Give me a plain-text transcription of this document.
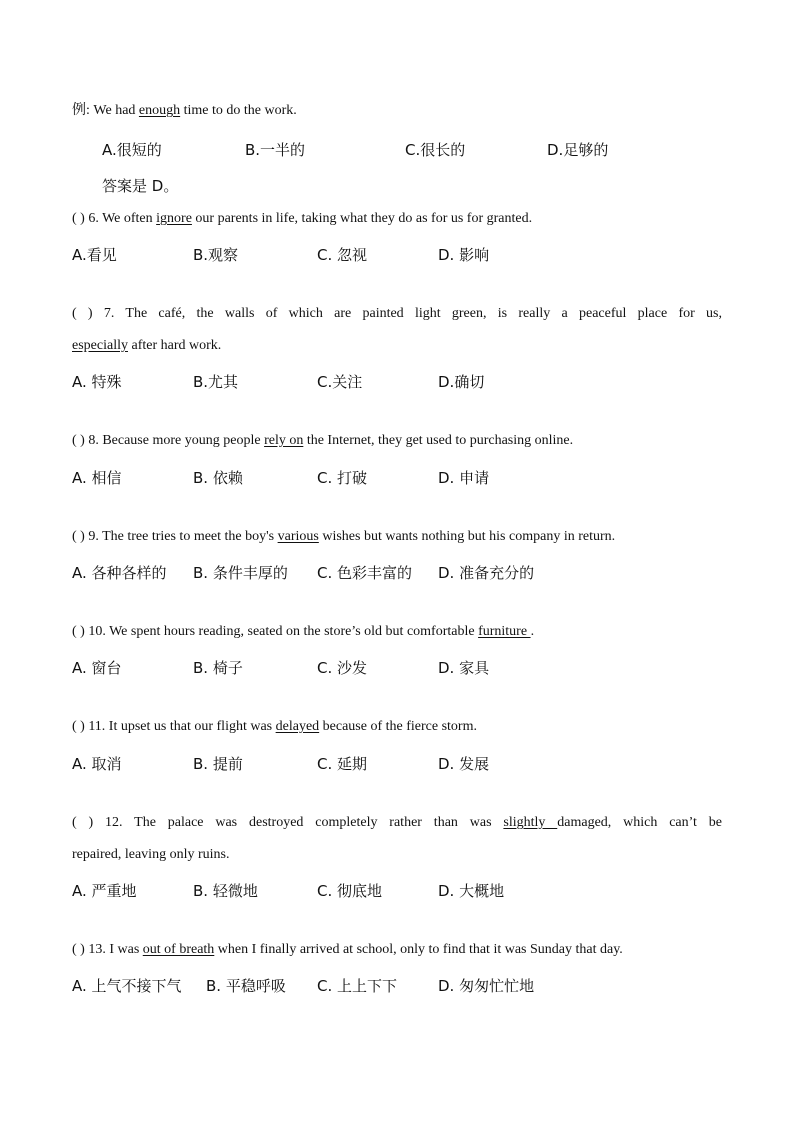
例: We had enough time to do the work.
A.很短的	B.一半的	C.很长的	D.足够的
答案是 D。
( ) 6. We often ignore our parents in life, taking what they do as for us for granted.
A.看见	B.观察	C. 忽视	D. 影响
( ) 7. The café, the walls of which are painted light green, is really a peaceful place for us,
especially after hard work.
A. 特殊	B.尤其	C.关注	D.确切
( ) 8. Because more young people rely on the Internet, they get used to purchasing online.
A. 相信	B. 依赖	C. 打破	D. 申请
( ) 9. The tree tries to meet the boy's various wishes but wants nothing but his company in return.
A. 各种各样的 B. 条件丰厚的 C. 色彩丰富的 D. 准备充分的
( ) 10. We spent hours reading, seated on the store’s old but comfortable furniture .
A. 窗台	B. 椅子	C. 沙发	D. 家具
( ) 11. It upset us that our flight was delayed because of the fierce storm.
A. 取消	B. 提前	C. 延期	D. 发展
( ) 12. The palace was destroyed completely rather than was slightly damaged, which can’t be
repaired, leaving only ruins.
A. 严重地	B. 轻微地	C. 彻底地	D. 大概地
( ) 13. I was out of breath when I finally arrived at school, only to find that it was Sunday that day.
A. 上气不接下气 B. 平稳呼吸 C. 上上下下	D. 匆匆忙忙地
